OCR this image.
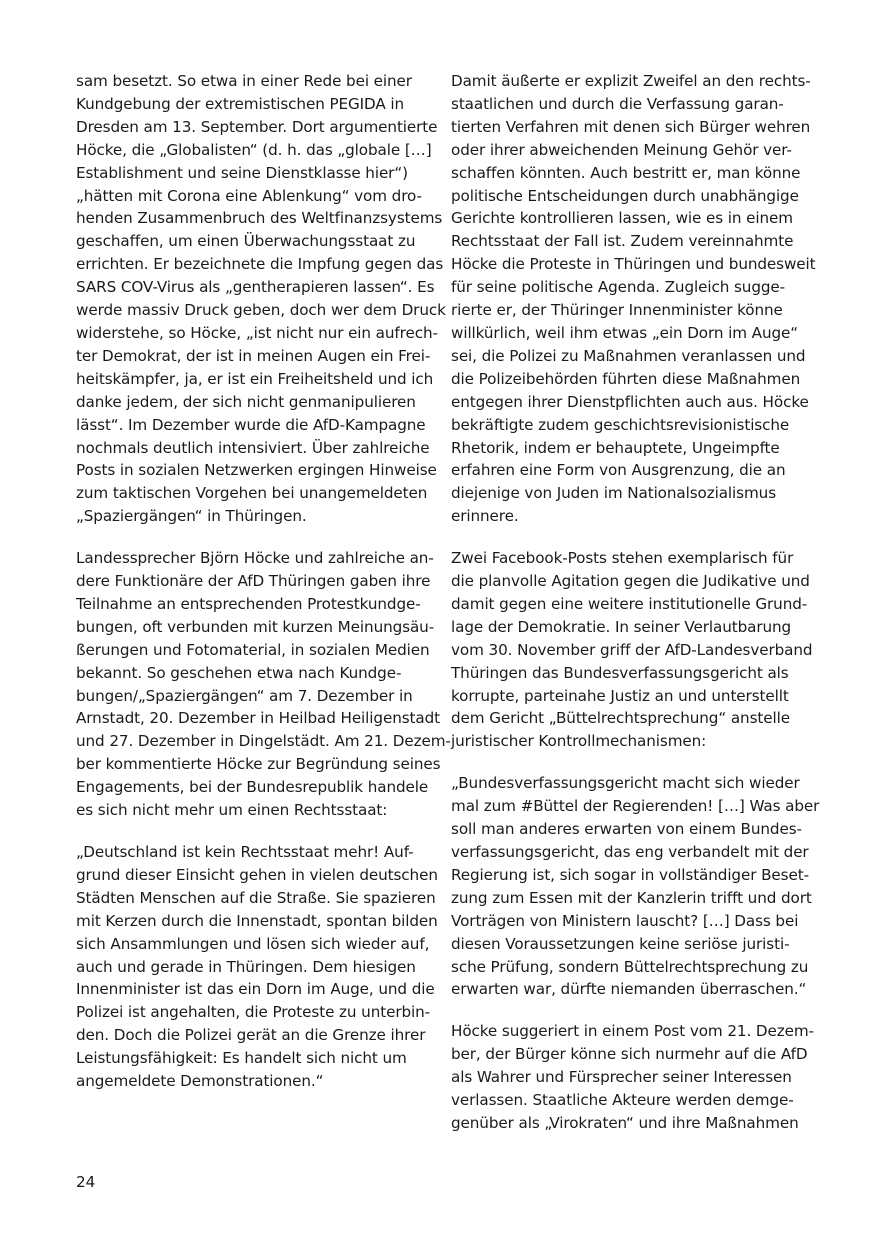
sam besetzt. So etwa in einer Rede bei einer
Kundgebung der extremistischen PEGIDA in
Dresden am 13. September. Dort argumentierte
Höcke, die „Globalisten“ (d. h. das „globale […]
Establishment und seine Dienstklasse hier“)
„hätten mit Corona eine Ablenkung“ vom dro-
henden Zusammenbruch des Weltfinanzsystems
geschaffen, um einen Überwachungsstaat zu
errichten. Er bezeichnete die Impfung gegen das
SARS COV-Virus als „gentherapieren lassen“. Es
werde massiv Druck geben, doch wer dem Druck
widerstehe, so Höcke, „ist nicht nur ein aufrech-
ter Demokrat, der ist in meinen Augen ein Frei-
heitskämpfer, ja, er ist ein Freiheitsheld und ich
danke jedem, der sich nicht genmanipulieren
lässt“. Im Dezember wurde die AfD-Kampagne
nochmals deutlich intensiviert. Über zahlreiche
Posts in sozialen Netzwerken ergingen Hinweise
zum taktischen Vorgehen bei unangemeldeten
„Spaziergängen“ in Thüringen.

Landessprecher Björn Höcke und zahlreiche an-
dere Funktionäre der AfD Thüringen gaben ihre
Teilnahme an entsprechenden Protestkundge-
bungen, oft verbunden mit kurzen Meinungsäu-
ßerungen und Fotomaterial, in sozialen Medien
bekannt. So geschehen etwa nach Kundge-
bungen/„Spaziergängen“ am 7. Dezember in
Arnstadt, 20. Dezember in Heilbad Heiligenstadt
und 27. Dezember in Dingelstädt. Am 21. Dezem-
ber kommentierte Höcke zur Begründung seines
Engagements, bei der Bundesrepublik handele
es sich nicht mehr um einen Rechtsstaat:

„Deutschland ist kein Rechtsstaat mehr! Auf-
grund dieser Einsicht gehen in vielen deutschen
Städten Menschen auf die Straße. Sie spazieren
mit Kerzen durch die Innenstadt, spontan bilden
sich Ansammlungen und lösen sich wieder auf,
auch und gerade in Thüringen. Dem hiesigen
Innenminister ist das ein Dorn im Auge, und die
Polizei ist angehalten, die Proteste zu unterbin-
den. Doch die Polizei gerät an die Grenze ihrer
Leistungsfähigkeit: Es handelt sich nicht um
angemeldete Demonstrationen.“

Damit äußerte er explizit Zweifel an den rechts-
staatlichen und durch die Verfassung garan-
tierten Verfahren mit denen sich Bürger wehren
oder ihrer abweichenden Meinung Gehör ver-
schaffen könnten. Auch bestritt er, man könne
politische Entscheidungen durch unabhängige
Gerichte kontrollieren lassen, wie es in einem
Rechtsstaat der Fall ist. Zudem vereinnahmte
Höcke die Proteste in Thüringen und bundesweit
für seine politische Agenda. Zugleich sugge-
rierte er, der Thüringer Innenminister könne
willkürlich, weil ihm etwas „ein Dorn im Auge“
sei, die Polizei zu Maßnahmen veranlassen und
die Polizeibehörden führten diese Maßnahmen
entgegen ihrer Dienstpflichten auch aus. Höcke
bekräftigte zudem geschichtsrevisionistische
Rhetorik, indem er behauptete, Ungeimpfte
erfahren eine Form von Ausgrenzung, die an
diejenige von Juden im Nationalsozialismus
erinnere.

Zwei Facebook-Posts stehen exemplarisch für
die planvolle Agitation gegen die Judikative und
damit gegen eine weitere institutionelle Grund-
lage der Demokratie. In seiner Verlautbarung
vom 30. November griff der AfD-Landesverband
Thüringen das Bundesverfassungsgericht als
korrupte, parteinahe Justiz an und unterstellt
dem Gericht „Büttelrechtsprechung“ anstelle
juristischer Kontrollmechanismen:

„Bundesverfassungsgericht macht sich wieder
mal zum #Büttel der Regierenden! […] Was aber
soll man anderes erwarten von einem Bundes-
verfassungsgericht, das eng verbandelt mit der
Regierung ist, sich sogar in vollständiger Beset-
zung zum Essen mit der Kanzlerin trifft und dort
Vorträgen von Ministern lauscht? […] Dass bei
diesen Voraussetzungen keine seriöse juristi-
sche Prüfung, sondern Büttelrechtsprechung zu
erwarten war, dürfte niemanden überraschen.“

Höcke suggeriert in einem Post vom 21. Dezem-
ber, der Bürger könne sich nurmehr auf die AfD
als Wahrer und Fürsprecher seiner Interessen
verlassen. Staatliche Akteure werden demge-
genüber als „Virokraten“ und ihre Maßnahmen

24
